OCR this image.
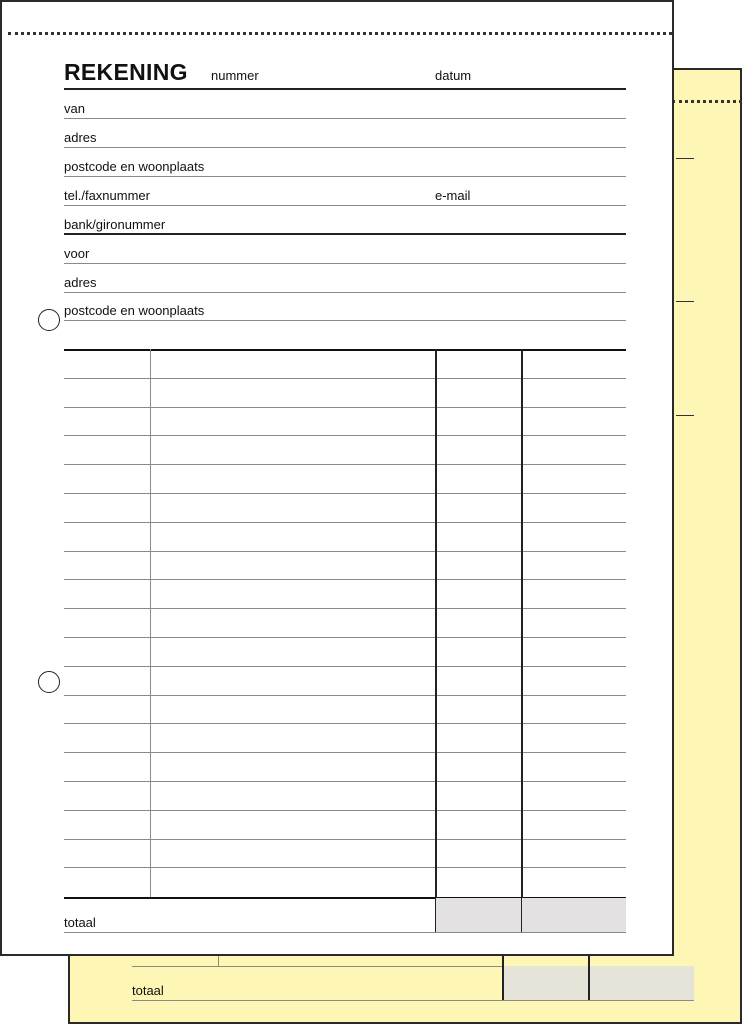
totaal
REKENING nummer	datum
van
adres
postcode en woonplaats
tel./faxnummer	e-mail
bank/gironummer
voor
adres
postcode en woonplaats
totaal
